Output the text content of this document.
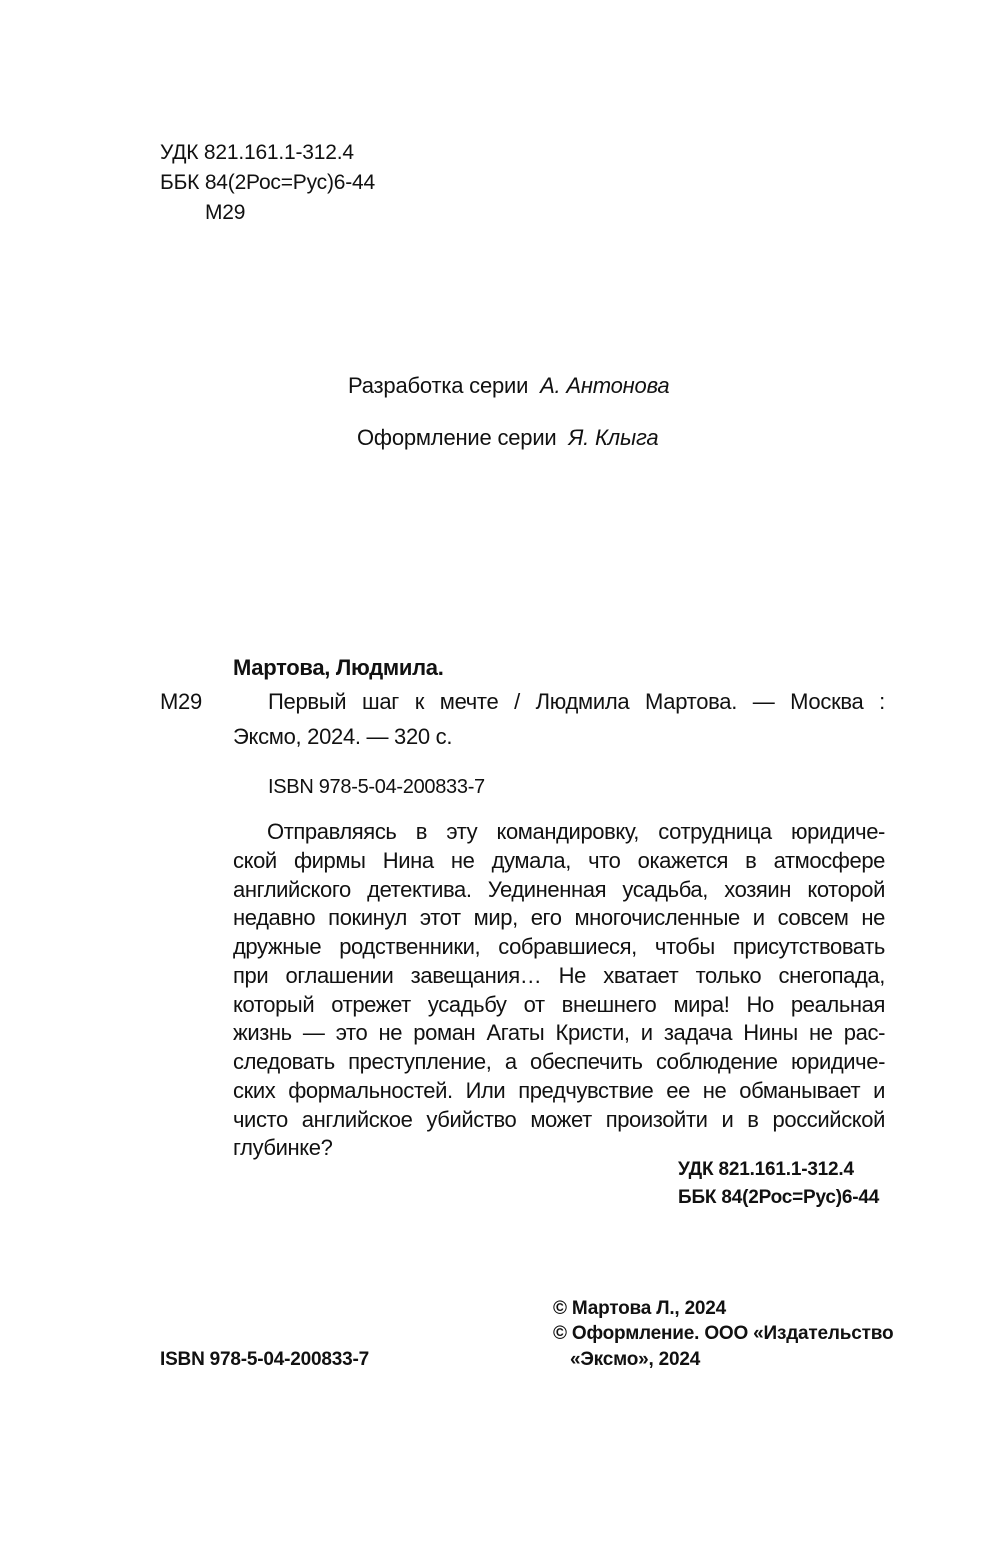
УДК 821.161.1-312.4
ББК 84(2Рос=Рус)6-44
М29
Разработка серии А. Антонова
Оформление серии Я. Клыга
Мартова, Людмила.
М29	Первый шаг к мечте / Людмила Мартова. — Москва :
Эксмо, 2024. — 320 с.
ISBN 978-5-04-200833-7
Отправляясь в эту командировку, сотрудница юридиче-
ской фирмы Нина не думала, что окажется в атмосфере
английского детектива. Уединенная усадьба, хозяин которой
недавно покинул этот мир, его многочисленные и совсем не
дружные родственники, собравшиеся, чтобы присутствовать
при оглашении завещания… Не хватает только снегопада,
который отрежет усадьбу от внешнего мира! Но реальная
жизнь — это не роман Агаты Кристи, и задача Нины не рас-
следовать преступление, а обеспечить соблюдение юридиче-
ских формальностей. Или предчувствие ее не обманывает и
чисто английское убийство может произойти и в российской
глубинке?
УДК 821.161.1-312.4
ББК 84(2Рос=Рус)6-44
ISBN 978-5-04-200833-7
© Мартова Л., 2024
© Оформление. ООО «Издательство
«Эксмо», 2024
